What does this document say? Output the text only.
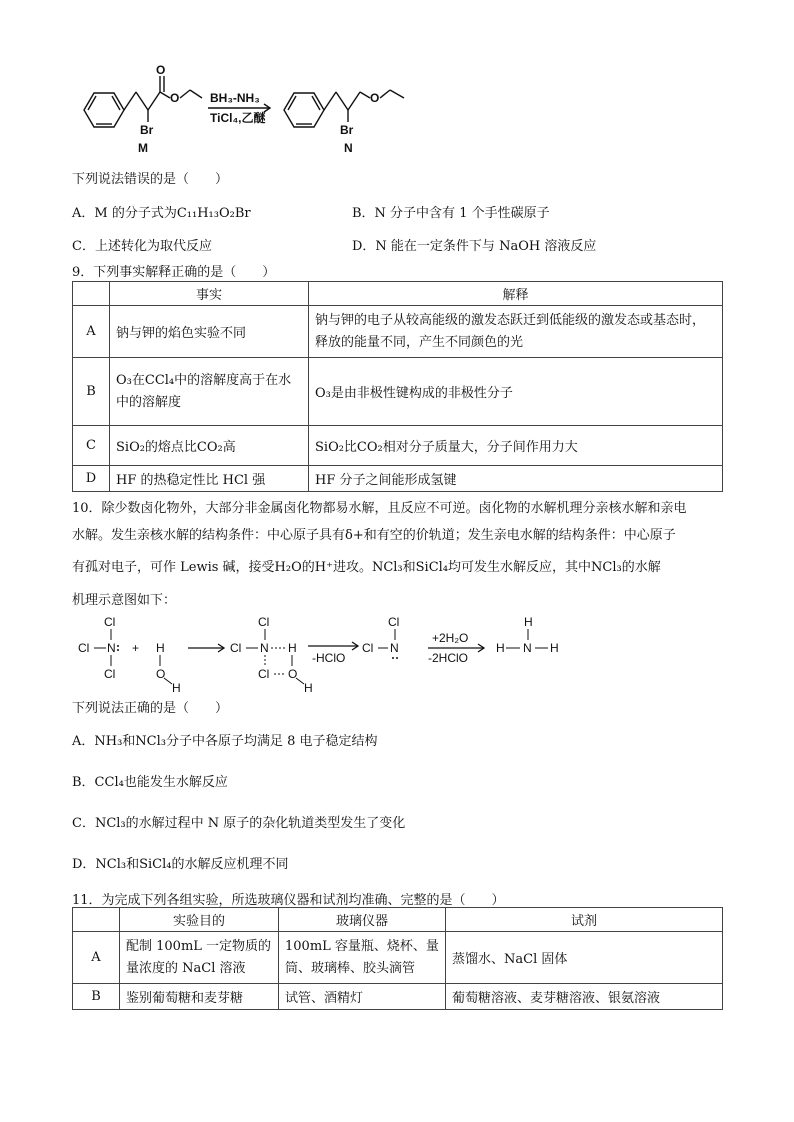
O
O
Br
M
BH₃-NH₃
TiCl₄,乙醚
O
Br
N
下列说法错误的是（　　）
A．M 的分子式为C₁₁H₁₃O₂Br	B．N 分子中含有 1 个手性碳原子
C．上述转化为取代反应	D．N 能在一定条件下与 NaOH 溶液反应
9．下列事实解释正确的是（　　）
	事实	解释
A	钠与钾的焰色实验不同	钠与钾的电子从较高能级的激发态跃迁到低能级的激发态或基态时，释放的能量不同，产生不同颜色的光
B	O₃在CCl₄中的溶解度高于在水中的溶解度	O₃是由非极性键构成的非极性分子
C	SiO₂的熔点比CO₂高	SiO₂比CO₂相对分子质量大，分子间作用力大
D	HF 的热稳定性比 HCl 强	HF 分子之间能形成氢键
10．除少数卤化物外，大部分非金属卤化物都易水解，且反应不可逆。卤化物的水解机理分亲核水解和亲电
水解。发生亲核水解的结构条件：中心原子具有δ+和有空的价轨道；发生亲电水解的结构条件：中心原子
有孤对电子，可作 Lewis 碱，接受H₂O的H⁺进攻。NCl₃和SiCl₄均可发生水解反应，其中NCl₃的水解
机理示意图如下：
Cl
Cl N
Cl
+ H
O
H
Cl
Cl N H
Cl O
H
-HClO
Cl
Cl N
+2H₂O
-2HClO
H
H N H
下列说法正确的是（　　）
A．NH₃和NCl₃分子中各原子均满足 8 电子稳定结构
B．CCl₄也能发生水解反应
C．NCl₃的水解过程中 N 原子的杂化轨道类型发生了变化
D．NCl₃和SiCl₄的水解反应机理不同
11．为完成下列各组实验，所选玻璃仪器和试剂均准确、完整的是（　　）
	实验目的	玻璃仪器	试剂
A	配制 100mL 一定物质的量浓度的 NaCl 溶液	100mL 容量瓶、烧杯、量筒、玻璃棒、胶头滴管	蒸馏水、NaCl 固体
B	鉴别葡萄糖和麦芽糖	试管、酒精灯	葡萄糖溶液、麦芽糖溶液、银氨溶液
